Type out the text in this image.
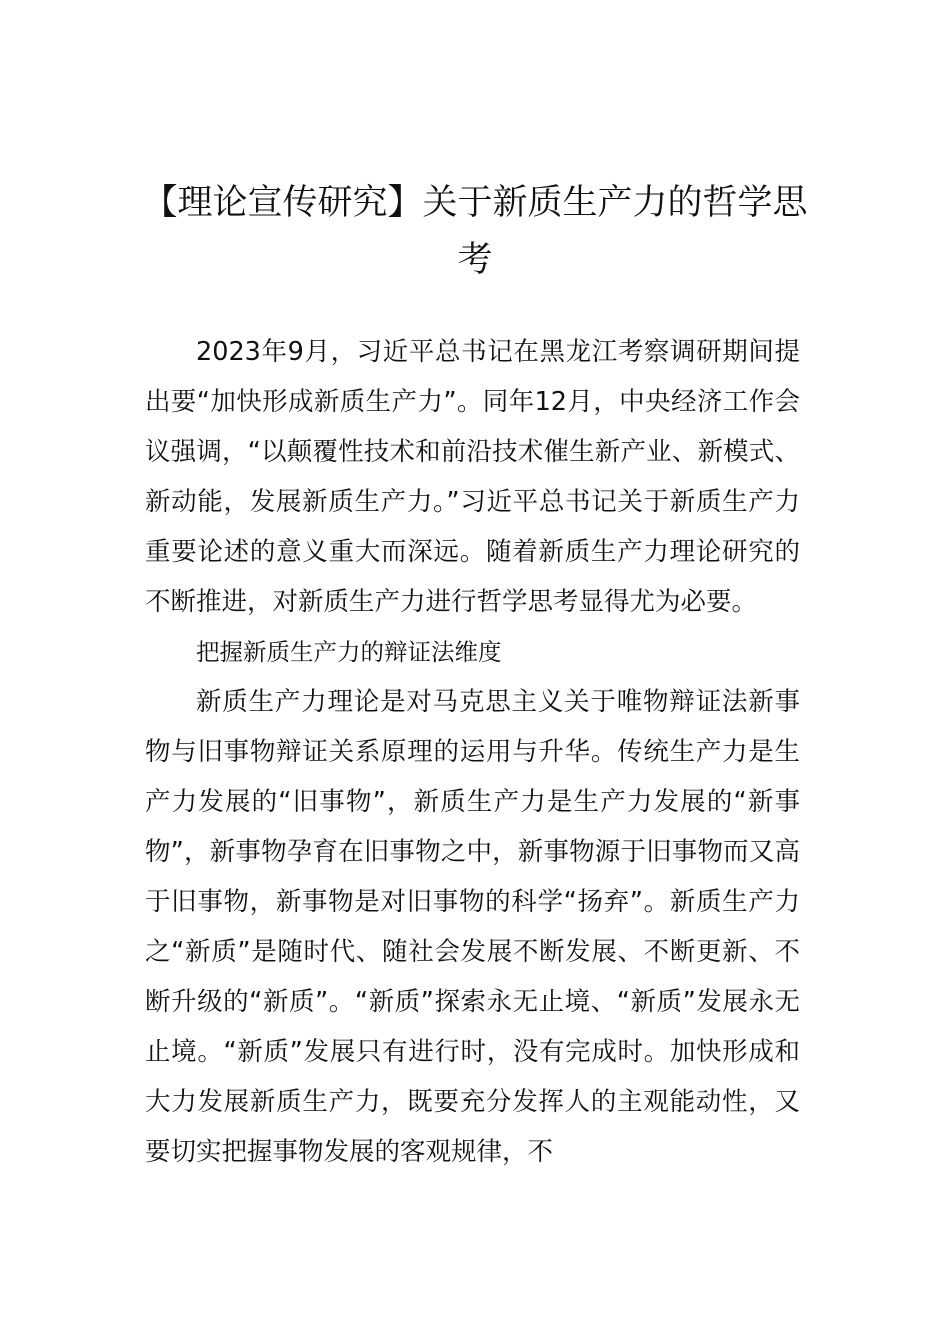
【理论宣传研究】关于新质生产力的哲学思考

2023年9月，习近平总书记在黑龙江考察调研期间提出要“加快形成新质生产力”。同年12月，中央经济工作会议强调，“以颠覆性技术和前沿技术催生新产业、新模式、新动能，发展新质生产力。”习近平总书记关于新质生产力重要论述的意义重大而深远。随着新质生产力理论研究的不断推进，对新质生产力进行哲学思考显得尤为必要。

把握新质生产力的辩证法维度

新质生产力理论是对马克思主义关于唯物辩证法新事物与旧事物辩证关系原理的运用与升华。传统生产力是生产力发展的“旧事物”，新质生产力是生产力发展的“新事物”，新事物孕育在旧事物之中，新事物源于旧事物而又高于旧事物，新事物是对旧事物的科学“扬弃”。新质生产力之“新质”是随时代、随社会发展不断发展、不断更新、不断升级的“新质”。“新质”探索永无止境、“新质”发展永无止境。“新质”发展只有进行时，没有完成时。加快形成和大力发展新质生产力，既要充分发挥人的主观能动性，又要切实把握事物发展的客观规律，不
